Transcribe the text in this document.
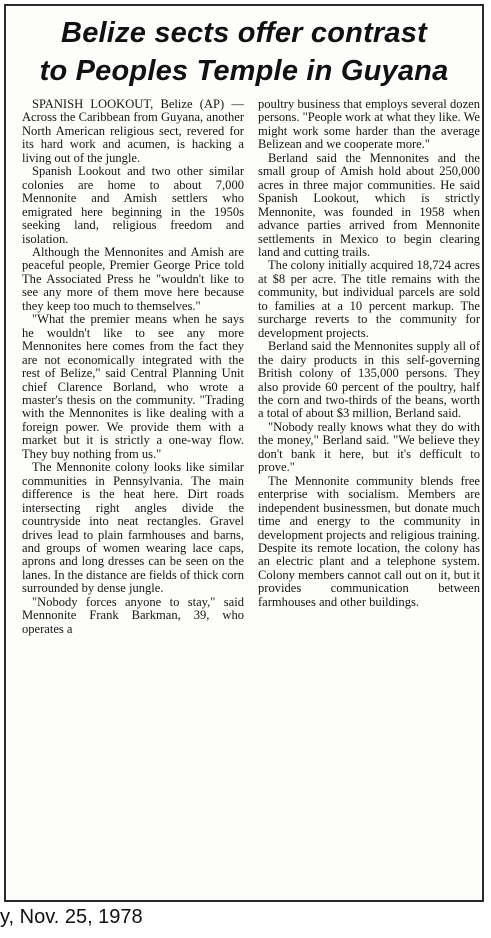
Belize sects offer contrast
to Peoples Temple in Guyana

SPANISH LOOKOUT, Belize (AP) — Across the Caribbean from Guyana, another North American religious sect, revered for its hard work and acumen, is hacking a living out of the jungle.

Spanish Lookout and two other similar colonies are home to about 7,000 Mennonite and Amish settlers who emigrated here beginning in the 1950s seeking land, religious freedom and isolation.

Although the Mennonites and Amish are peaceful people, Premier George Price told The Associated Press he "wouldn't like to see any more of them move here because they keep too much to themselves."

"What the premier means when he says he wouldn't like to see any more Mennonites here comes from the fact they are not economically integrated with the rest of Belize," said Central Planning Unit chief Clarence Borland, who wrote a master's thesis on the community. "Trading with the Mennonites is like dealing with a foreign power. We provide them with a market but it is strictly a one-way flow. They buy nothing from us."

The Mennonite colony looks like similar communities in Pennsylvania. The main difference is the heat here. Dirt roads intersecting right angles divide the countryside into neat rectangles. Gravel drives lead to plain farmhouses and barns, and groups of women wearing lace caps, aprons and long dresses can be seen on the lanes. In the distance are fields of thick corn surrounded by dense jungle.

"Nobody forces anyone to stay," said Mennonite Frank Barkman, 39, who operates a

poultry business that employs several dozen persons. "People work at what they like. We might work some harder than the average Belizean and we cooperate more."

Berland said the Mennonites and the small group of Amish hold about 250,000 acres in three major communities. He said Spanish Lookout, which is strictly Mennonite, was founded in 1958 when advance parties arrived from Mennonite settlements in Mexico to begin clearing land and cutting trails.

The colony initially acquired 18,724 acres at $8 per acre. The title remains with the community, but individual parcels are sold to families at a 10 percent markup. The surcharge reverts to the community for development projects.

Berland said the Mennonites supply all of the dairy products in this self-governing British colony of 135,000 persons. They also provide 60 percent of the poultry, half the corn and two-thirds of the beans, worth a total of about $3 million, Berland said.

"Nobody really knows what they do with the money," Berland said. "We believe they don't bank it here, but it's defficult to prove."

The Mennonite community blends free enterprise with socialism. Members are independent businessmen, but donate much time and energy to the community in development projects and religious training. Despite its remote location, the colony has an electric plant and a telephone system. Colony members cannot call out on it, but it provides communication between farmhouses and other buildings.

y, Nov. 25, 1978
